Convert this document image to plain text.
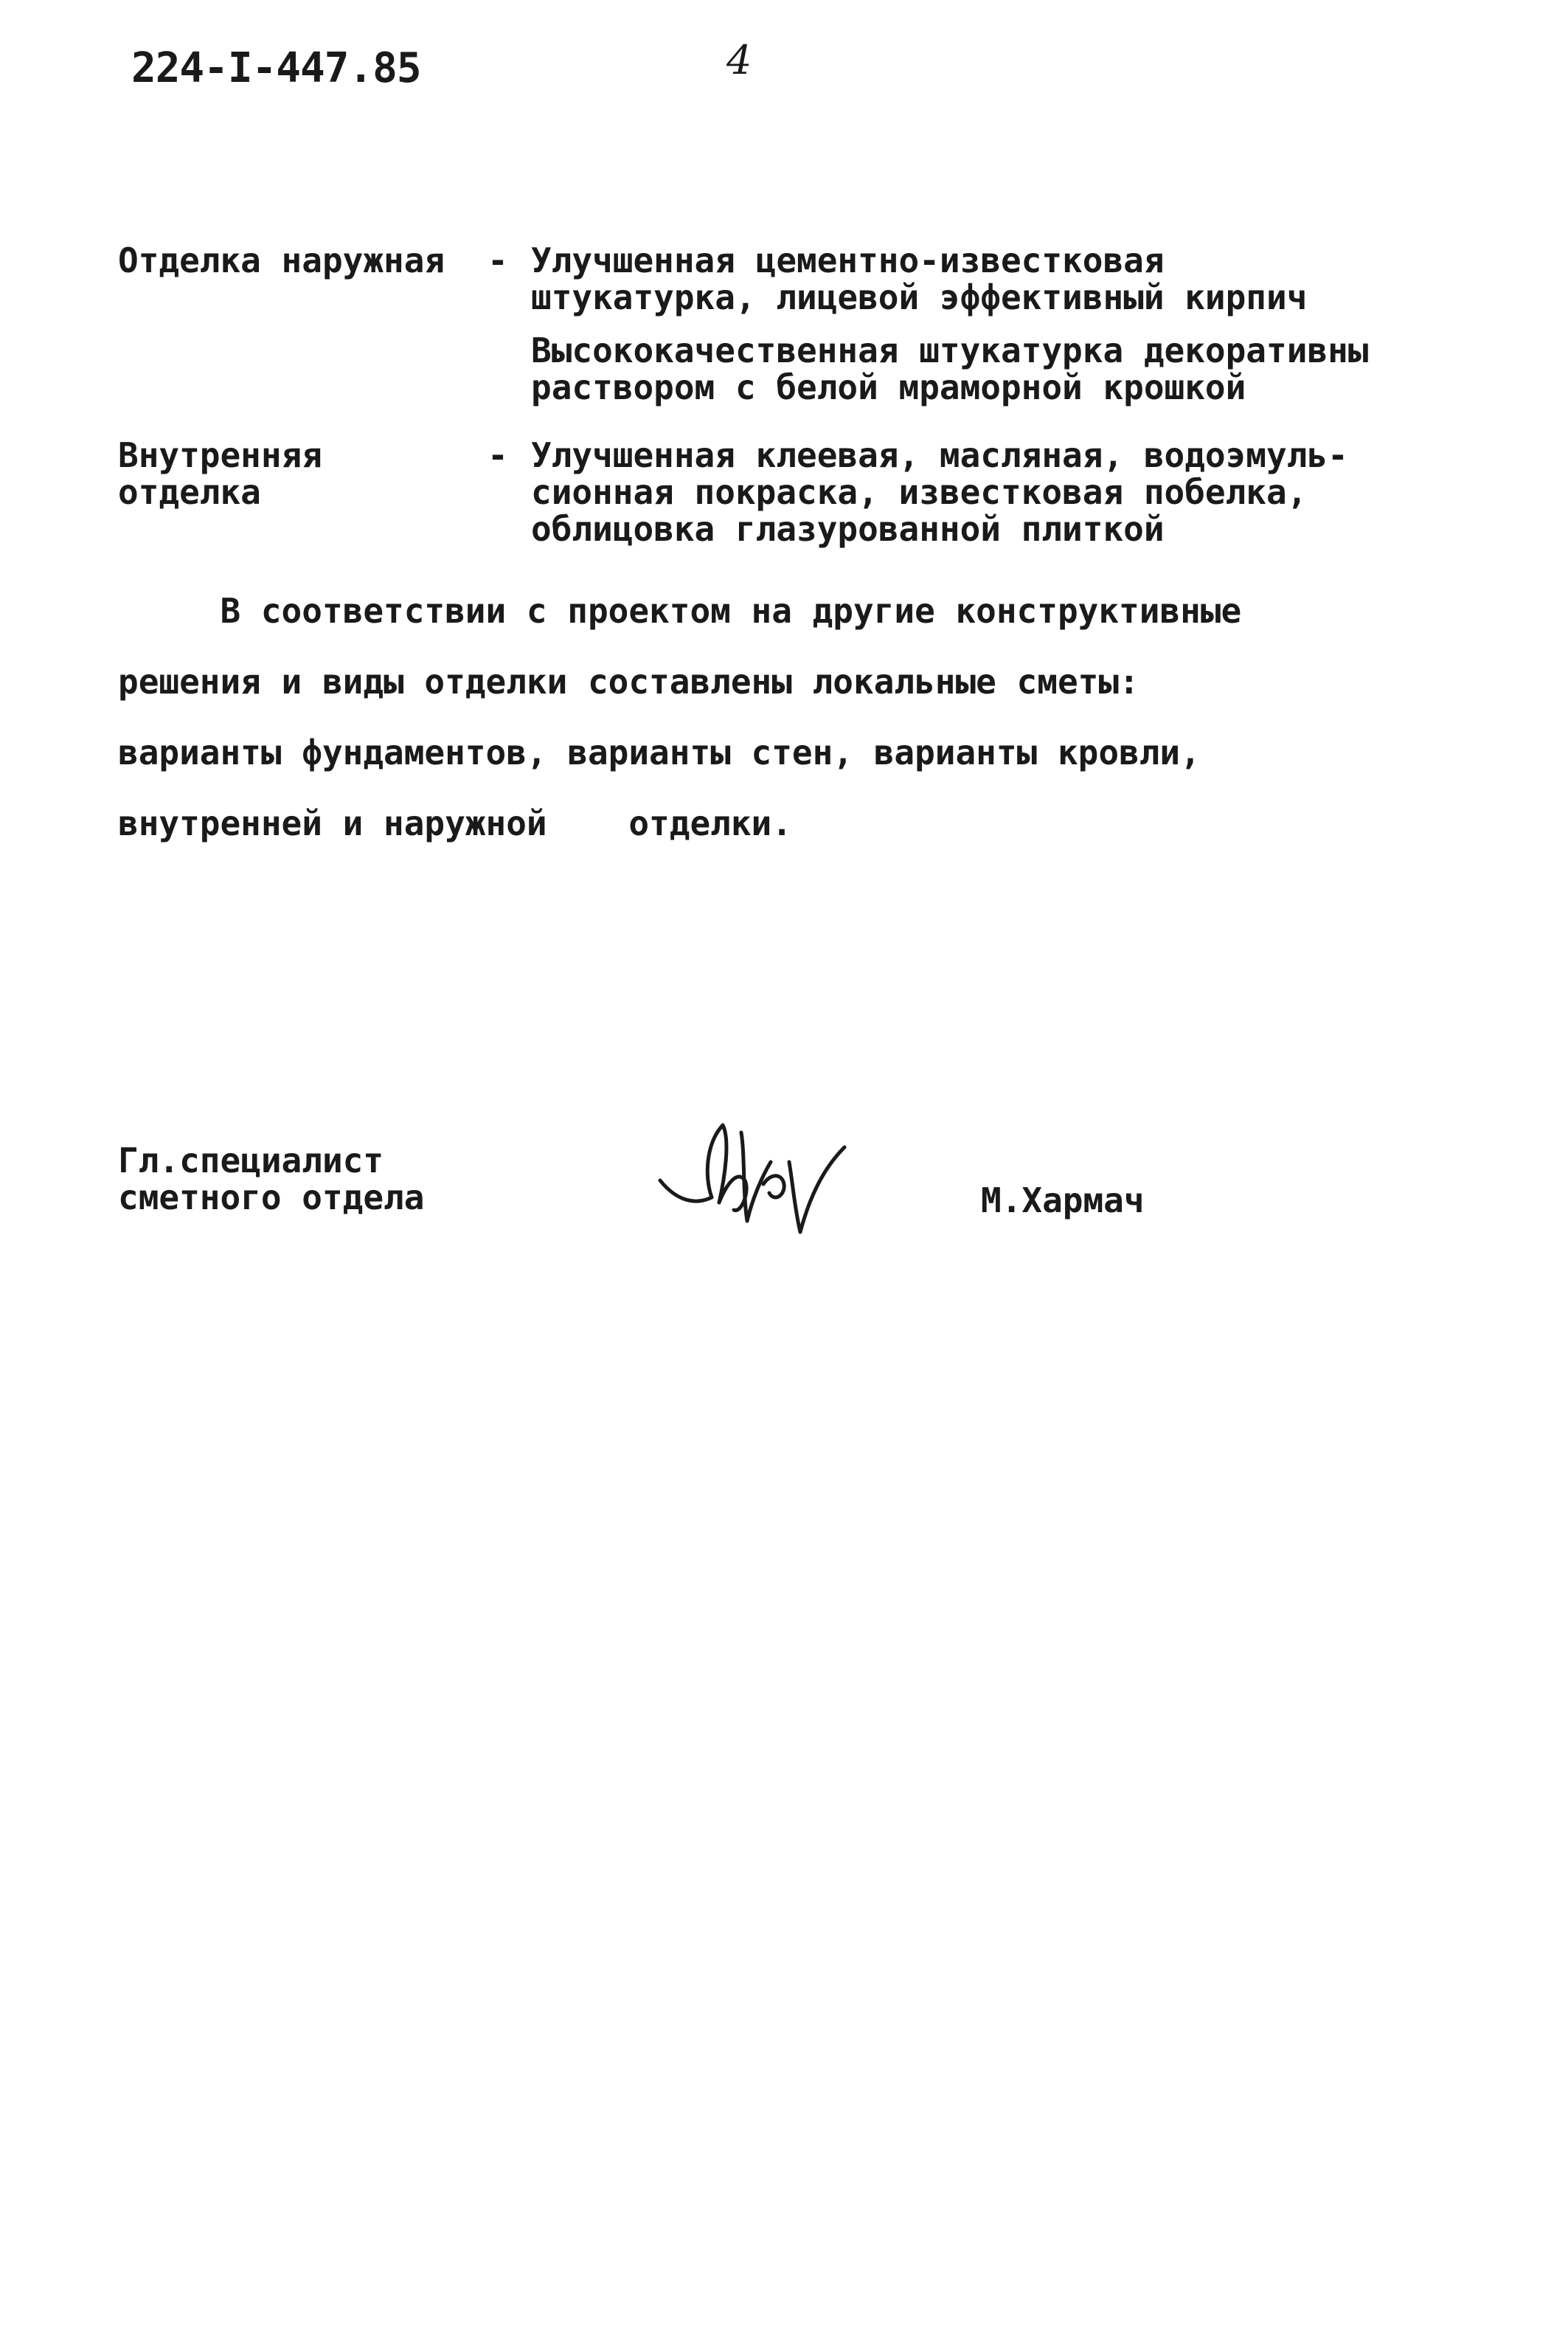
224-I-447.85	4
Отделка наружная	- Улучшенная цементно-известковая
штукатурка, лицевой эффективный кирпич
Высококачественная штукатурка декоративны
раствором с белой мраморной крошкой
Внутренняя
отделка
- Улучшенная клеевая, масляная, водоэмуль-
сионная покраска, известковая побелка,
облицовка глазурованной плиткой
В соответствии с проектом на другие конструктивные
решения и виды отделки составлены локальные сметы:
варианты фундаментов, варианты стен, варианты кровли,
внутренней и наружной    отделки.
Гл.специалист
сметного отдела	М.Хармач
